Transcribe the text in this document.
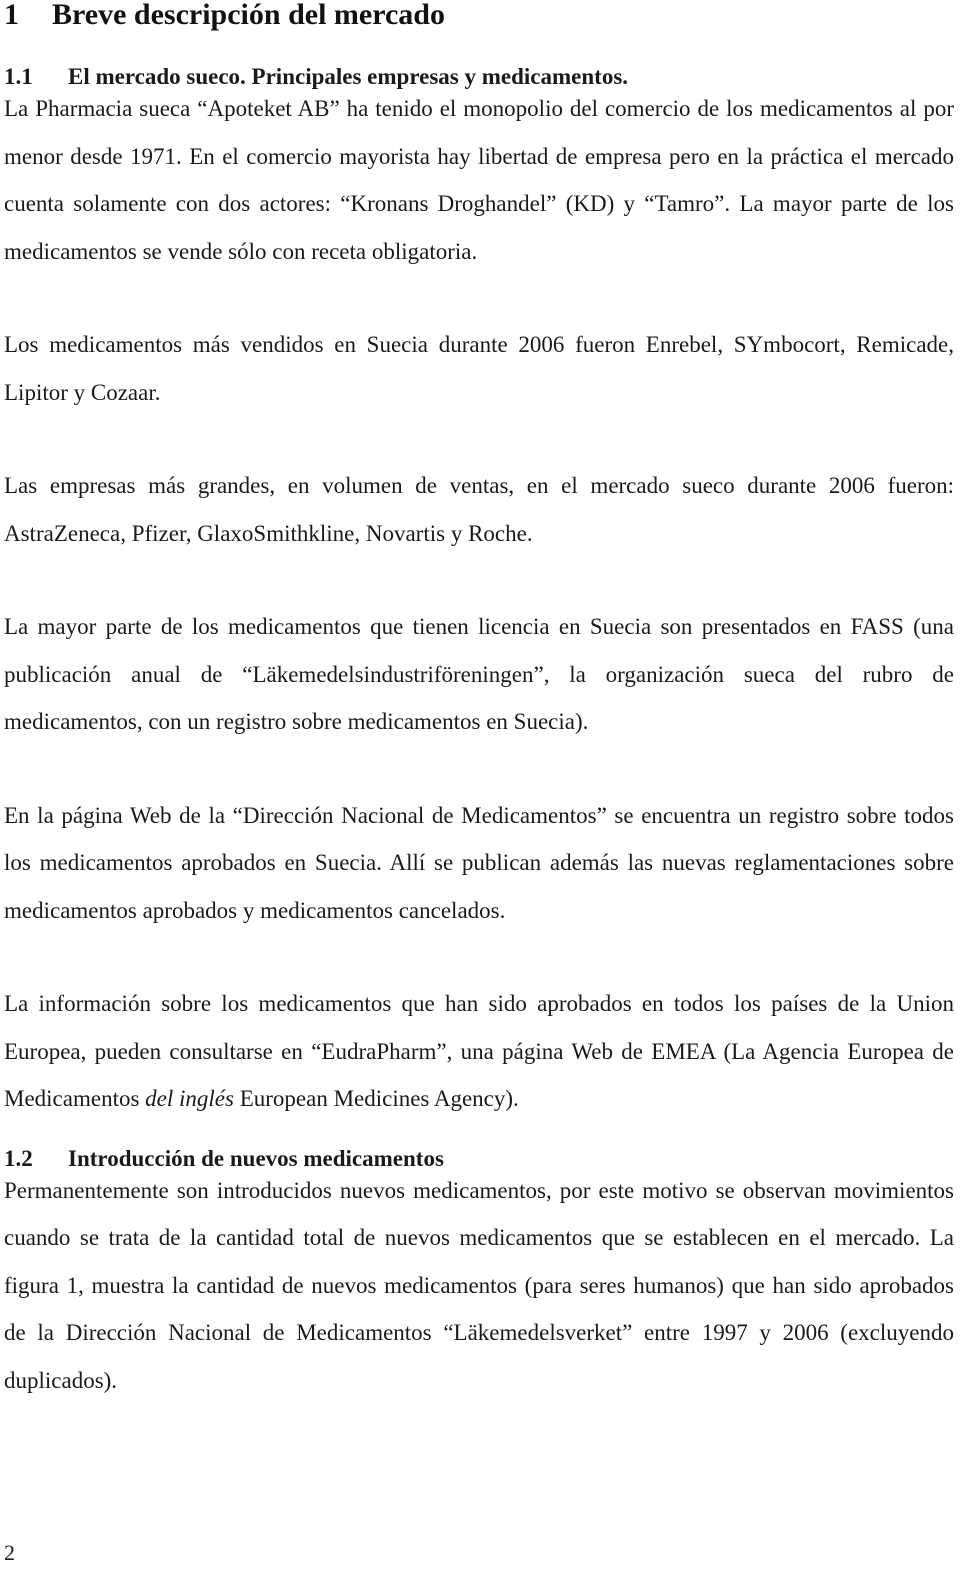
1 Breve descripción del mercado
1.1 El mercado sueco. Principales empresas y medicamentos.

La Pharmacia sueca “Apoteket AB” ha tenido el monopolio del comercio de los medicamentos al por menor desde 1971. En el comercio mayorista hay libertad de empresa pero en la práctica el mercado cuenta solamente con dos actores: “Kronans Droghandel” (KD) y “Tamro”. La mayor parte de los medicamentos se vende sólo con receta obligatoria.

Los medicamentos más vendidos en Suecia durante 2006 fueron Enrebel, SYmbocort, Remicade, Lipitor y Cozaar.

Las empresas más grandes, en volumen de ventas, en el mercado sueco durante 2006 fueron: AstraZeneca, Pfizer, GlaxoSmithkline, Novartis y Roche.

La mayor parte de los medicamentos que tienen licencia en Suecia son presentados en FASS (una publicación anual de “Läkemedelsindustriföreningen”, la organización sueca del rubro de medicamentos, con un registro sobre medicamentos en Suecia).

En la página Web de la “Dirección Nacional de Medicamentos” se encuentra un registro sobre todos los medicamentos aprobados en Suecia. Allí se publican además las nuevas reglamentaciones sobre medicamentos aprobados y medicamentos cancelados.

La información sobre los medicamentos que han sido aprobados en todos los países de la Union Europea, pueden consultarse en “EudraPharm”, una página Web de EMEA (La Agencia Europea de Medicamentos del inglés European Medicines Agency).

1.2 Introducción de nuevos medicamentos

Permanentemente son introducidos nuevos medicamentos, por este motivo se observan movimientos cuando se trata de la cantidad total de nuevos medicamentos que se establecen en el mercado. La figura 1, muestra la cantidad de nuevos medicamentos (para seres humanos) que han sido aprobados de la Dirección Nacional de Medicamentos “Läkemedelsverket” entre 1997 y 2006 (excluyendo duplicados).

2
